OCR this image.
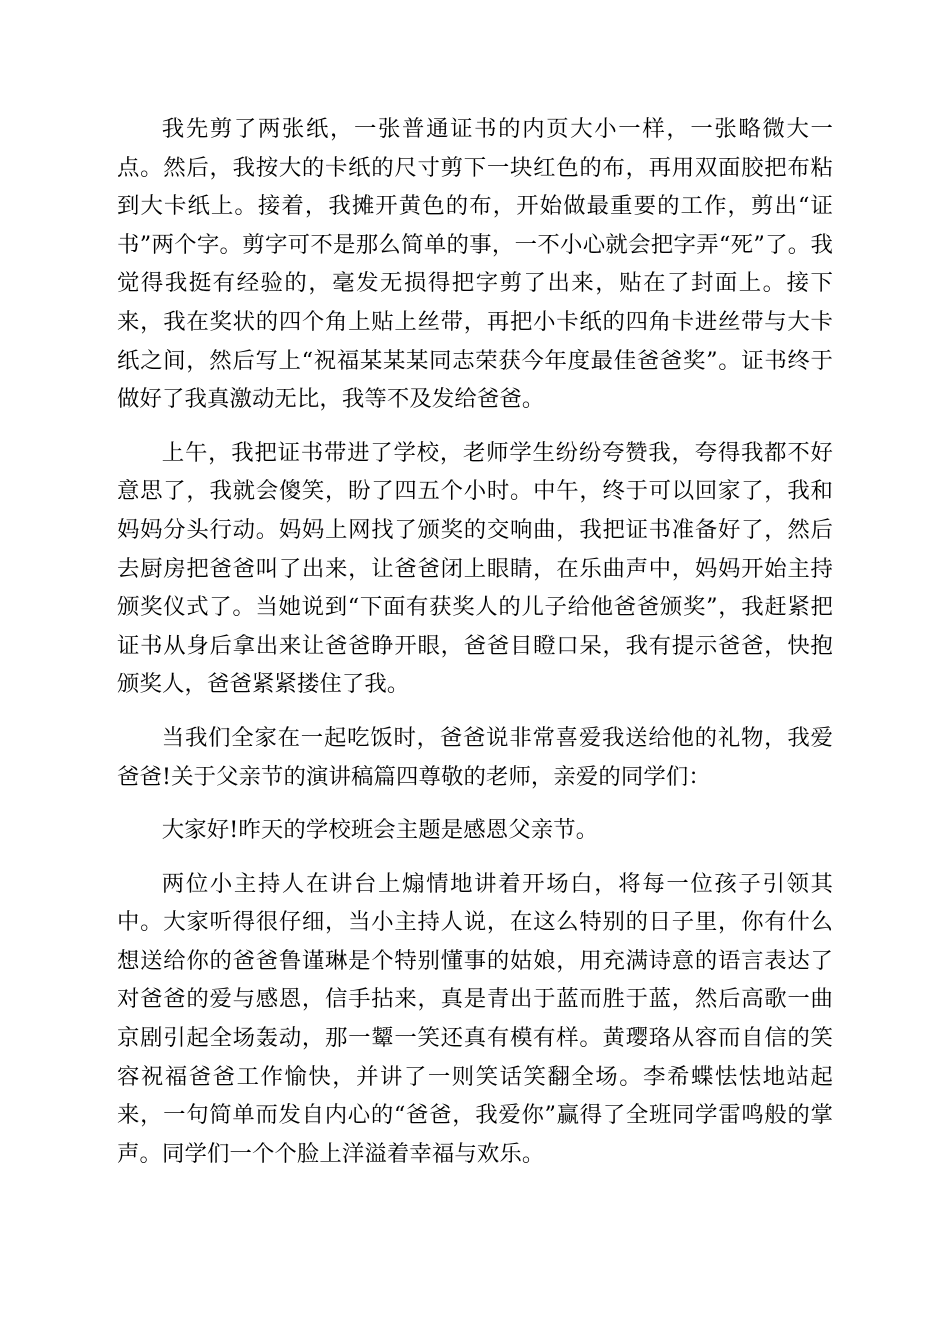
我先剪了两张纸，一张普通证书的内页大小一样，一张略微大一点。然后，我按大的卡纸的尺寸剪下一块红色的布，再用双面胶把布粘到大卡纸上。接着，我摊开黄色的布，开始做最重要的工作，剪出“证书”两个字。剪字可不是那么简单的事，一不小心就会把字弄“死”了。我觉得我挺有经验的，毫发无损得把字剪了出来，贴在了封面上。接下来，我在奖状的四个角上贴上丝带，再把小卡纸的四角卡进丝带与大卡纸之间，然后写上“祝福某某某同志荣获今年度最佳爸爸奖”。证书终于做好了我真激动无比，我等不及发给爸爸。

上午，我把证书带进了学校，老师学生纷纷夸赞我，夸得我都不好意思了，我就会傻笑，盼了四五个小时。中午，终于可以回家了，我和妈妈分头行动。妈妈上网找了颁奖的交响曲，我把证书准备好了，然后去厨房把爸爸叫了出来，让爸爸闭上眼睛，在乐曲声中，妈妈开始主持颁奖仪式了。当她说到“下面有获奖人的儿子给他爸爸颁奖”，我赶紧把证书从身后拿出来让爸爸睁开眼，爸爸目瞪口呆，我有提示爸爸，快抱颁奖人，爸爸紧紧搂住了我。

当我们全家在一起吃饭时，爸爸说非常喜爱我送给他的礼物，我爱爸爸!关于父亲节的演讲稿篇四尊敬的老师，亲爱的同学们：

大家好!昨天的学校班会主题是感恩父亲节。

两位小主持人在讲台上煽情地讲着开场白，将每一位孩子引领其中。大家听得很仔细，当小主持人说，在这么特别的日子里，你有什么想送给你的爸爸鲁谨琳是个特别懂事的姑娘，用充满诗意的语言表达了对爸爸的爱与感恩，信手拈来，真是青出于蓝而胜于蓝，然后高歌一曲京剧引起全场轰动，那一颦一笑还真有模有样。黄璎珞从容而自信的笑容祝福爸爸工作愉快，并讲了一则笑话笑翻全场。李希蝶怯怯地站起来，一句简单而发自内心的“爸爸，我爱你”赢得了全班同学雷鸣般的掌声。同学们一个个脸上洋溢着幸福与欢乐。
